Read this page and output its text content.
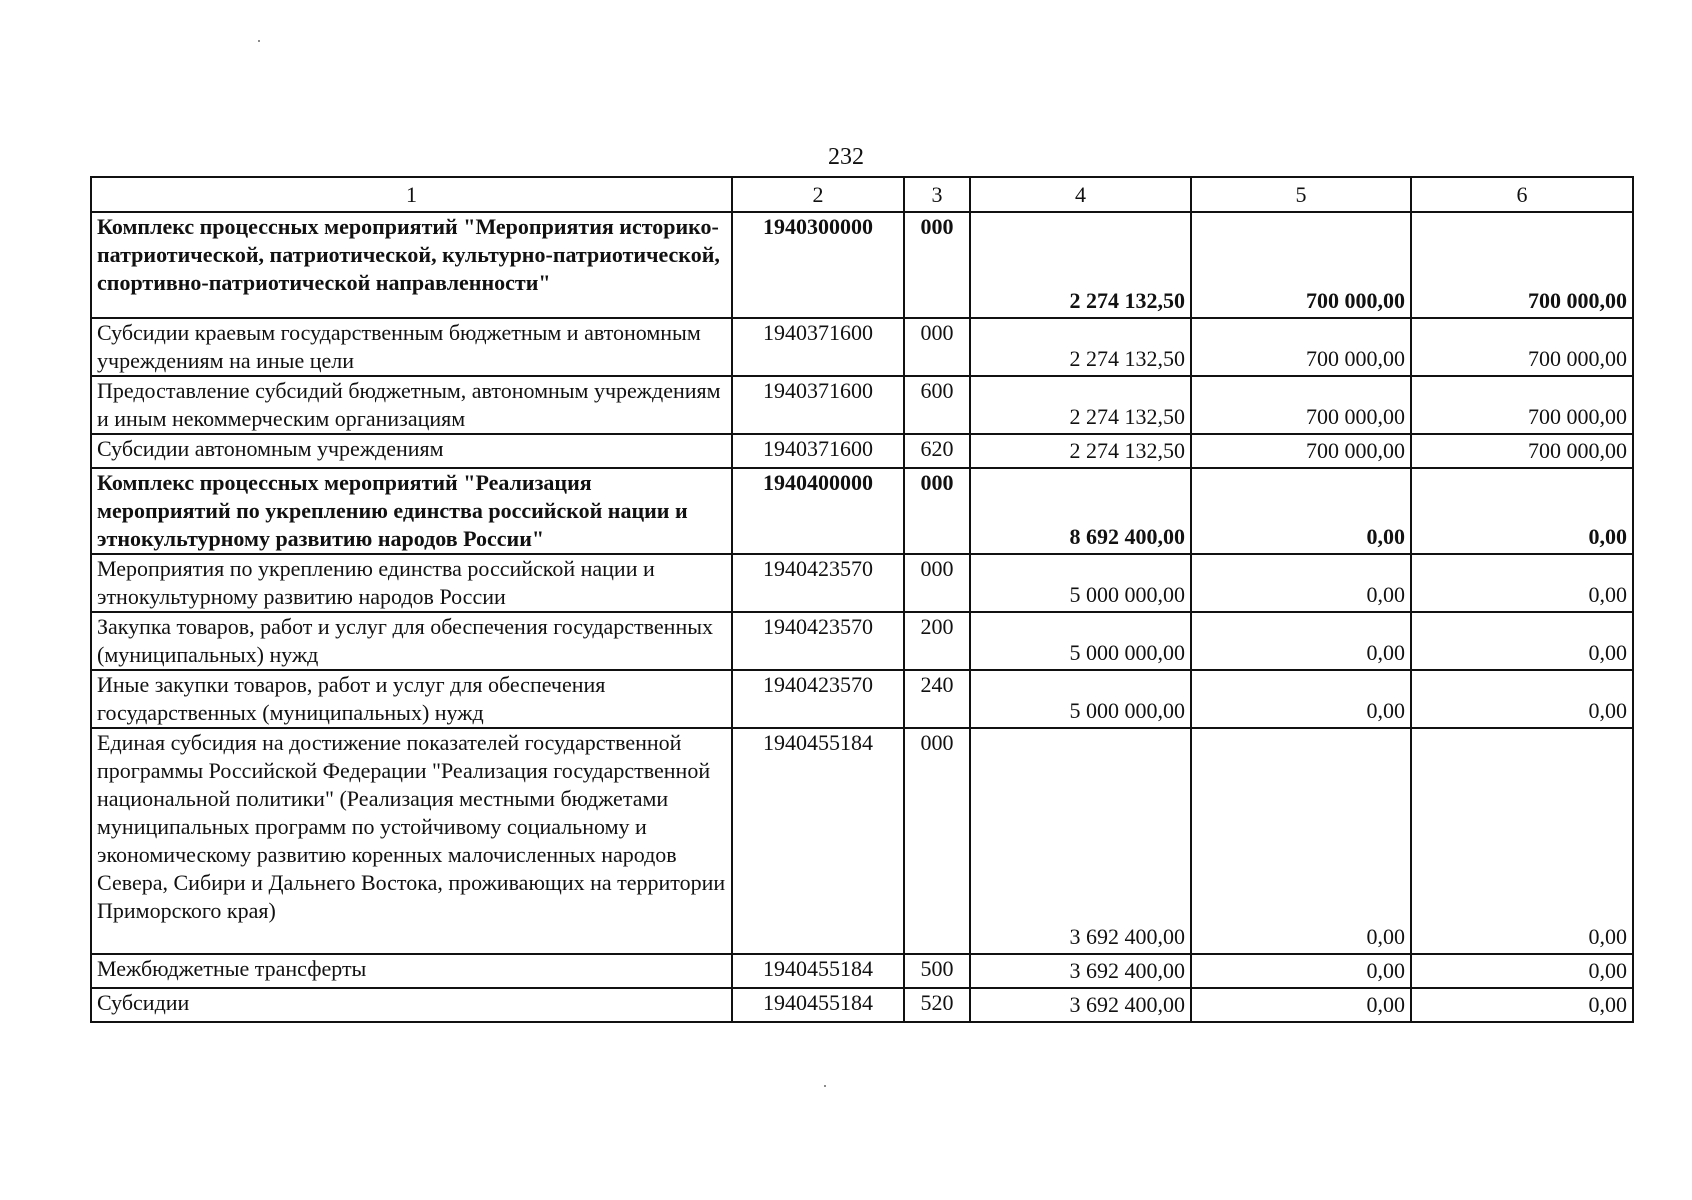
232
1	2	3	4	5	6
Комплекс процессных мероприятий "Мероприятия историко-патриотической, патриотической, культурно-патриотической, спортивно-патриотической направленности"	1940300000	000	2 274 132,50	700 000,00	700 000,00
Субсидии краевым государственным бюджетным и автономным учреждениям на иные цели	1940371600	000	2 274 132,50	700 000,00	700 000,00
Предоставление субсидий бюджетным, автономным учреждениям и иным некоммерческим организациям	1940371600	600	2 274 132,50	700 000,00	700 000,00
Субсидии автономным учреждениям	1940371600	620	2 274 132,50	700 000,00	700 000,00
Комплекс процессных мероприятий "Реализация мероприятий по укреплению единства российской нации и этнокультурному развитию народов России"	1940400000	000	8 692 400,00	0,00	0,00
Мероприятия по укреплению единства российской нации и этнокультурному развитию народов России	1940423570	000	5 000 000,00	0,00	0,00
Закупка товаров, работ и услуг для обеспечения государственных (муниципальных) нужд	1940423570	200	5 000 000,00	0,00	0,00
Иные закупки товаров, работ и услуг для обеспечения государственных (муниципальных) нужд	1940423570	240	5 000 000,00	0,00	0,00
Единая субсидия на достижение показателей государственной программы Российской Федерации "Реализация государственной национальной политики" (Реализация местными бюджетами муниципальных программ по устойчивому социальному и экономическому развитию коренных малочисленных народов Севера, Сибири и Дальнего Востока, проживающих на территории Приморского края)	1940455184	000	3 692 400,00	0,00	0,00
Межбюджетные трансферты	1940455184	500	3 692 400,00	0,00	0,00
Субсидии	1940455184	520	3 692 400,00	0,00	0,00
